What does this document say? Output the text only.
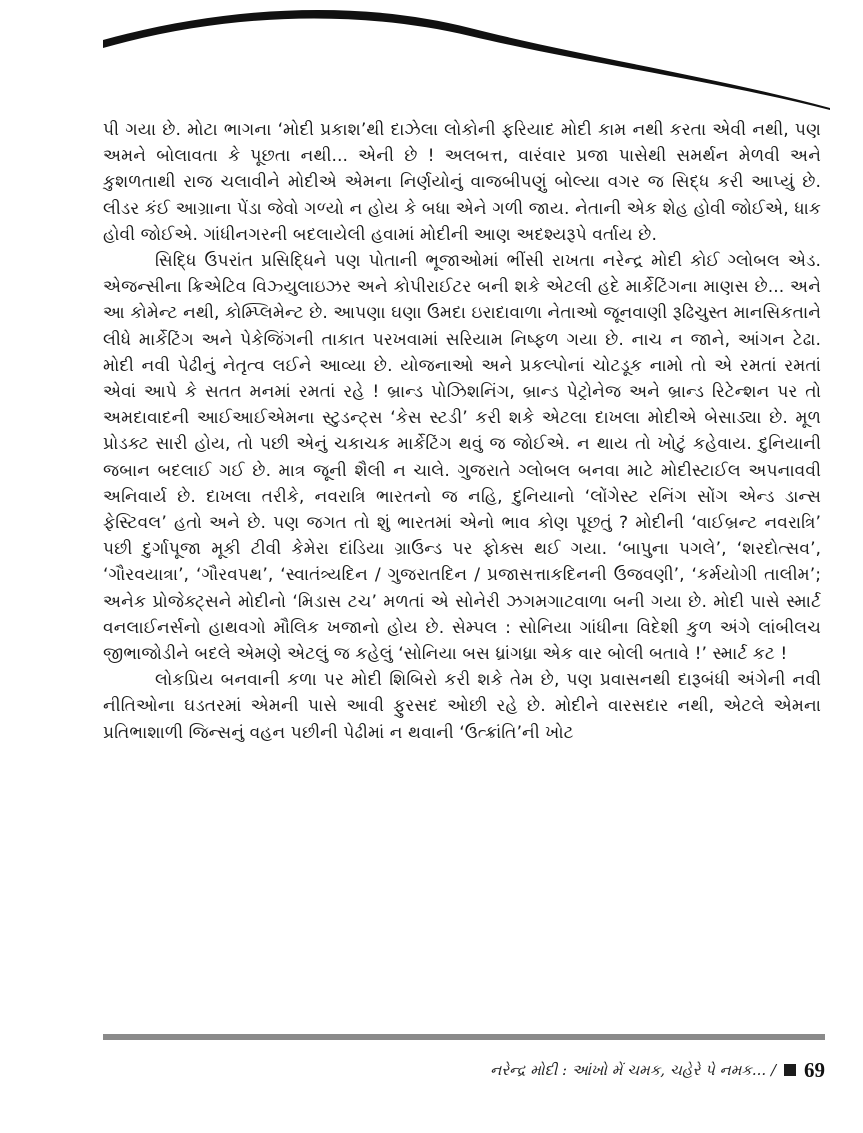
પી ગયા છે. મોટા ભાગના ‘મોદી પ્રકાશ’થી દાઝેલા લોકોની ફરિયાદ મોદી કામ નથી કરતા એવી નથી, પણ અમને બોલાવતા કે પૂછતા નથી... એની છે ! અલબત્ત, વારંવાર પ્રજા પાસેથી સમર્થન મેળવી અને કુશળતાથી રાજ ચલાવીને મોદીએ એમના નિર્ણયોનું વાજબીપણું બોલ્યા વગર જ સિદ્ધ કરી આપ્યું છે. લીડર કંઈ આગ્રાના પેંડા જેવો ગળ્યો ન હોય કે બધા એને ગળી જાય. નેતાની એક શેહ હોવી જોઈએ, ધાક હોવી જોઈએ. ગાંધીનગરની બદલાયેલી હવામાં મોદીની આણ અદશ્યરૂપે વર્તાય છે.

સિદ્ધિ ઉપરાંત પ્રસિદ્ધિને પણ પોતાની ભૂજાઓમાં ભીંસી રાખતા નરેન્દ્ર મોદી કોઈ ગ્લોબલ એડ. એજન્સીના ક્રિએટિવ વિઝ્યુલાઇઝર અને કોપીરાઈટર બની શકે એટલી હદે માર્કેટિંગના માણસ છે... અને આ કોમેન્ટ નથી, કોમ્પ્લિમેન્ટ છે. આપણા ઘણા ઉમદા ઇરાદાવાળા નેતાઓ જૂનવાણી રૂઢિચુસ્ત માનસિકતાને લીધે માર્કેટિંગ અને પેકેજિંગની તાકાત પરખવામાં સરિયામ નિષ્ફળ ગયા છે. નાચ ન જાને, આંગન ટેઢા. મોદી નવી પેઢીનું નેતૃત્વ લઈને આવ્યા છે. યોજનાઓ અને પ્રકલ્પોનાં ચોટડૂક નામો તો એ રમતાં રમતાં એવાં આપે કે સતત મનમાં રમતાં રહે ! બ્રાન્ડ પોઝિશનિંગ, બ્રાન્ડ પેટ્રોનેજ અને બ્રાન્ડ રિટેન્શન પર તો અમદાવાદની આઈઆઈએમના સ્ટુડન્ટ્સ ‘કેસ સ્ટડી’ કરી શકે એટલા દાખલા મોદીએ બેસાડ્યા છે. મૂળ પ્રોડક્ટ સારી હોય, તો પછી એનું ચકાચક માર્કેટિંગ થવું જ જોઈએ. ન થાય તો ખોટું કહેવાય. દુનિયાની જબાન બદલાઈ ગઈ છે. માત્ર જૂની શૈલી ન ચાલે. ગુજરાતે ગ્લોબલ બનવા માટે મોદીસ્ટાઈલ અપનાવવી અનિવાર્ય છે. દાખલા તરીકે, નવરાત્રિ ભારતનો જ નહિ, દુનિયાનો ‘લોંગેસ્ટ રનિંગ સોંગ એન્ડ ડાન્સ ફેસ્ટિવલ’ હતો અને છે. પણ જગત તો શું ભારતમાં એનો ભાવ કોણ પૂછતું ? મોદીની ‘વાઈબ્રન્ટ નવરાત્રિ’ પછી દુર્ગાપૂજા મૂકી ટીવી કેમેરા દાંડિયા ગ્રાઉન્ડ પર ફોક્સ થઈ ગયા. ‘બાપુના પગલે’, ‘શરદોત્સવ’, ‘ગૌરવયાત્રા’, ‘ગૌરવપથ’, ‘સ્વાતંત્ર્યદિન / ગુજરાતદિન / પ્રજાસત્તાકદિનની ઉજવણી’, ‘કર્મયોગી તાલીમ’; અનેક પ્રોજેક્ટ્સને મોદીનો ‘મિડાસ ટચ’ મળતાં એ સોનેરી ઝગમગાટવાળા બની ગયા છે. મોદી પાસે સ્માર્ટ વનલાઈનર્સનો હાથવગો મૌલિક ખજાનો હોય છે. સેમ્પલ : સોનિયા ગાંધીના વિદેશી કુળ અંગે લાંબીલચ જીભાજોડીને બદલે એમણે એટલું જ કહેલું ‘સોનિયા બસ ધ્રાંગધ્રા એક વાર બોલી બતાવે !’ સ્માર્ટ કટ !

લોકપ્રિય બનવાની કળા પર મોદી શિબિરો કરી શકે તેમ છે, પણ પ્રવાસનથી દારૂબંધી અંગેની નવી નીતિઓના ઘડતરમાં એમની પાસે આવી ફુરસદ ઓછી રહે છે. મોદીને વારસદાર નથી, એટલે એમના પ્રતિભાશાળી જિન્સનું વહન પછીની પેઢીમાં ન થવાની ‘ઉત્ક્રાંતિ’ની ખોટ

નરેન્દ્ર મોદી : આંખો મેં ચમક, ચહેરે પે નમક... / 69
